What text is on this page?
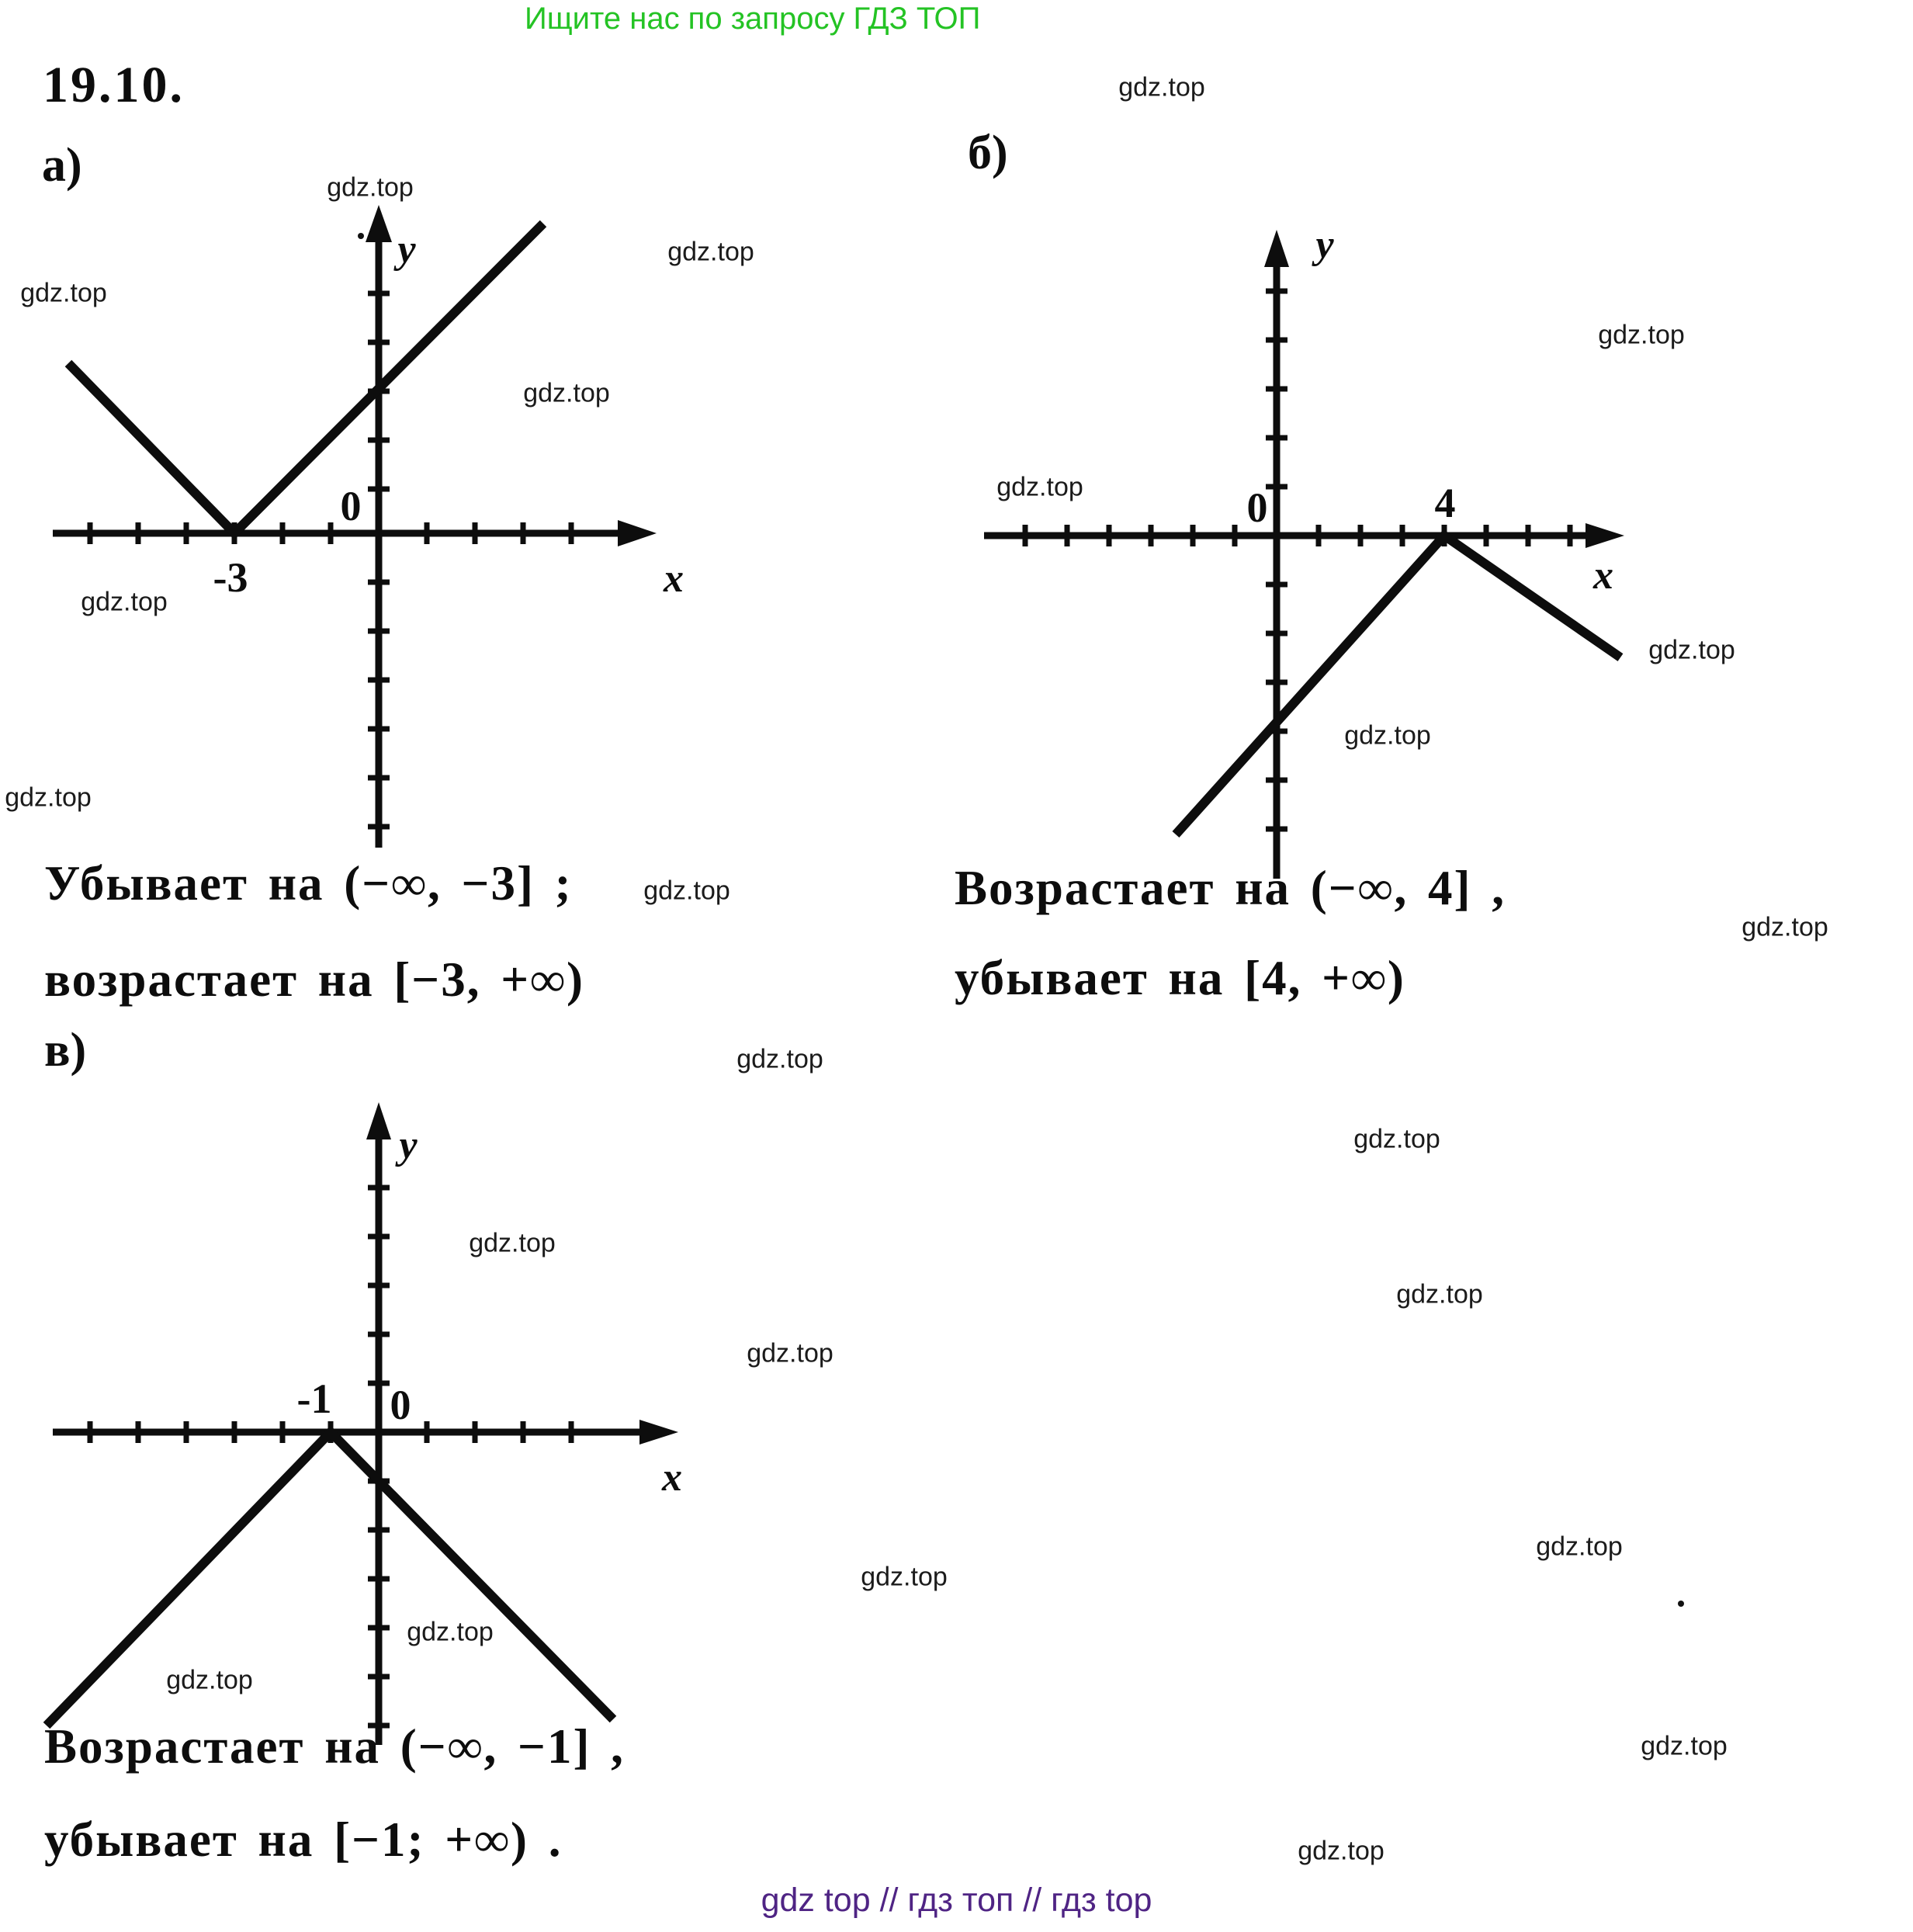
Ищите нас по запросу ГДЗ ТОП
19.10.
а)	б)
в)
0
-3	x
y
0	4
x
y
-1 0
x
y
Убывает на (−∞, −3] ;
возрастает на [−3, +∞)
Возрастает на (−∞, 4] ,
убывает на [4, +∞)
Возрастает на (−∞, −1] ,
убывает на [−1; +∞) .
gdz.top
gdz.top
gdz.top
gdz.top
gdz.top
gdz.top
gdz.top
gdz.top
gdz.top
gdz.top
gdz.top
gdz.top
gdz.top
gdz.top
gdz.top
gdz.top
gdz.top
gdz.top
gdz.top
gdz.top
gdz.top
gdz.top
gdz.top
gdz.top
gdz top // гдз топ // гдз top
